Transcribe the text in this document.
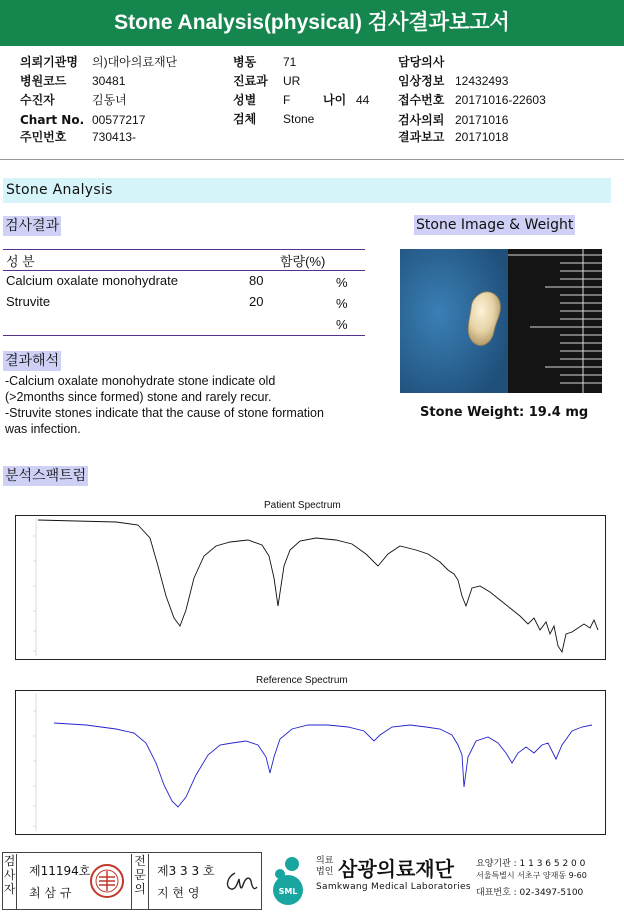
Stone Analysis(physical) 검사결과보고서
의뢰기관명 의)대아의료재단
병원코드 30481
수진자	김동녀
Chart No. 00577217
주민번호 730413-
병동 71
진료과 UR
성별 F	나이 44
검체 Stone
담당의사
임상정보 12432493
접수번호 20171016-22603
검사의뢰 20171016
결과보고 20171018
Stone Analysis
검사결과
성 분	함량(%)
Calcium oxalate monohydrate	80	%
Struvite	20	%
%
결과해석
-Calcium oxalate monohydrate stone indicate old
(>2months since formed) stone and rarely recur.
-Struvite stones indicate that the cause of stone formation
was infection.
Stone Image & Weight
Stone Weight: 19.4 mg
분석스팩트럼
Patient Spectrum
Reference Spectrum
검사자
제11194호
최 삼 규
전문의
제3 3 3 호
지 현 영	SML
의료
법인 삼광의료재단
Samkwang Medical Laboratories
요양기관 : 1 1 3 6 5 2 0 0
서울특별시 서초구 양재동 9-60
대표번호 : 02-3497-5100
